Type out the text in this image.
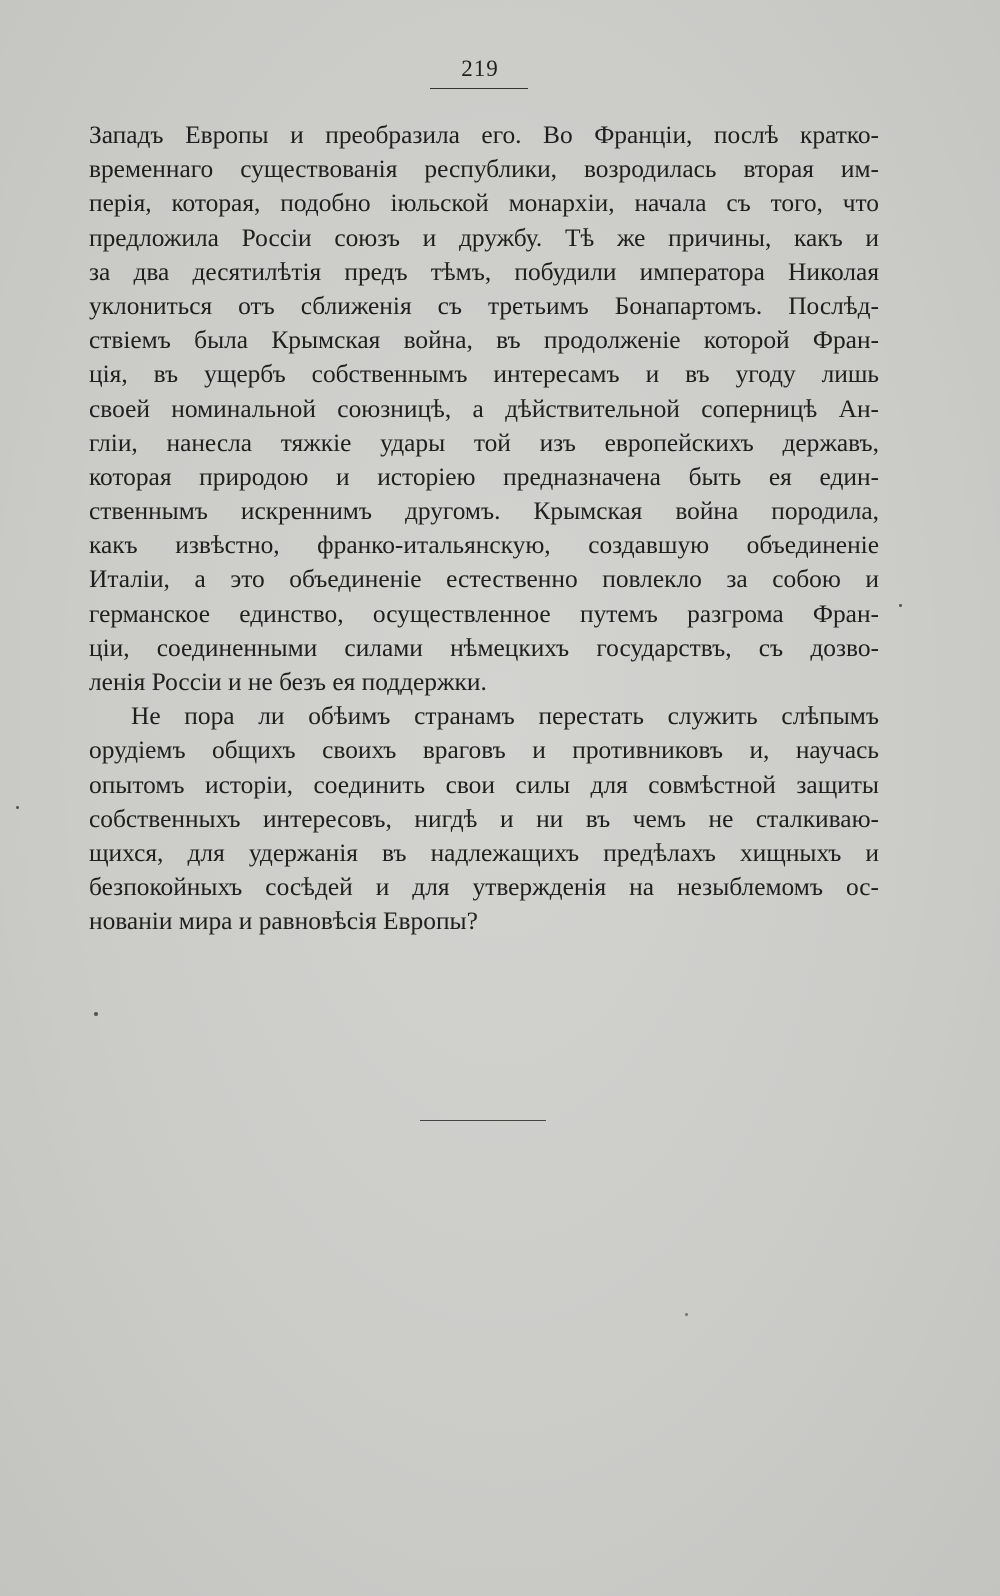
219
Западъ Европы и преобразила его. Во Франціи, послѣ кратко-
временнаго существованія республики, возродилась вторая им-
перія, которая, подобно іюльской монархіи, начала съ того, что
предложила Россіи союзъ и дружбу. Тѣ же причины, какъ и
за два десятилѣтія предъ тѣмъ, побудили императора Николая
уклониться отъ сближенія съ третьимъ Бонапартомъ. Послѣд-
ствіемъ была Крымская война, въ продолженіе которой Фран-
ція, въ ущербъ собственнымъ интересамъ и въ угоду лишь
своей номинальной союзницѣ, а дѣйствительной соперницѣ Ан-
гліи, нанесла тяжкіе удары той изъ европейскихъ державъ,
которая природою и исторіею предназначена быть ея един-
ственнымъ искреннимъ другомъ. Крымская война породила,
какъ извѣстно, франко-итальянскую, создавшую объединеніе
Италіи, а это объединеніе естественно повлекло за собою и
германское единство, осуществленное путемъ разгрома Фран-
ціи, соединенными силами нѣмецкихъ государствъ, съ дозво-
ленія Россіи и не безъ ея поддержки.
Не пора ли обѣимъ странамъ перестать служить слѣпымъ
орудіемъ общихъ своихъ враговъ и противниковъ и, научась
опытомъ исторіи, соединить свои силы для совмѣстной защиты
собственныхъ интересовъ, нигдѣ и ни въ чемъ не сталкиваю-
щихся, для удержанія въ надлежащихъ предѣлахъ хищныхъ и
безпокойныхъ сосѣдей и для утвержденія на незыблемомъ ос-
нованіи мира и равновѣсія Европы?
